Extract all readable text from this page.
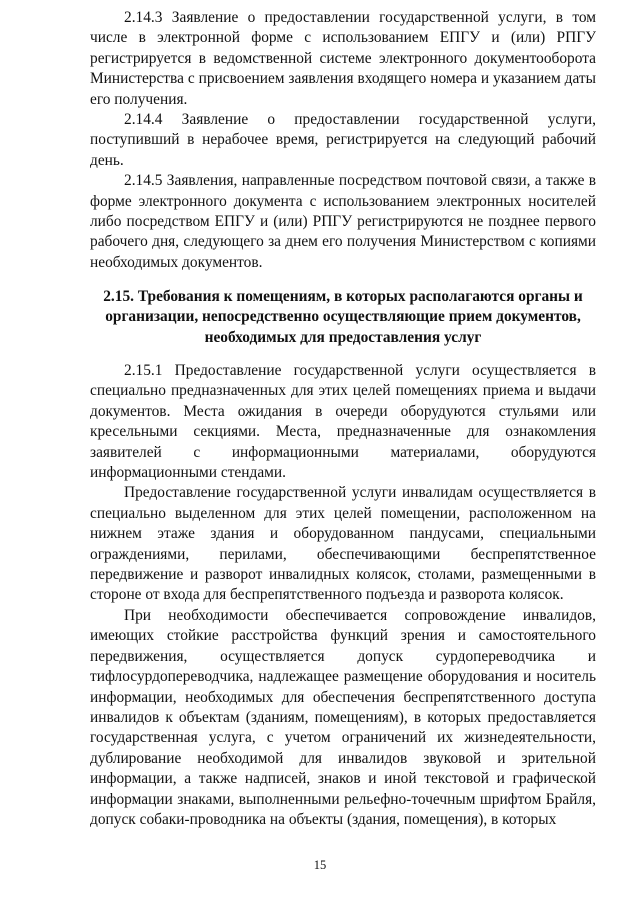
2.14.3 Заявление о предоставлении государственной услуги, в том числе в электронной форме с использованием ЕПГУ и (или) РПГУ регистрируется в ведомственной системе электронного документооборота Министерства с присвоением заявления входящего номера и указанием даты его получения.

2.14.4 Заявление о предоставлении государственной услуги, поступивший в нерабочее время, регистрируется на следующий рабочий день.

2.14.5 Заявления, направленные посредством почтовой связи, а также в форме электронного документа с использованием электронных носителей либо посредством ЕПГУ и (или) РПГУ регистрируются не позднее первого рабочего дня, следующего за днем его получения Министерством с копиями необходимых документов.

2.15. Требования к помещениям, в которых располагаются органы и организации, непосредственно осуществляющие прием документов, необходимых для предоставления услуг

2.15.1 Предоставление государственной услуги осуществляется в специально предназначенных для этих целей помещениях приема и выдачи документов. Места ожидания в очереди оборудуются стульями или кресельными секциями. Места, предназначенные для ознакомления заявителей с информационными материалами, оборудуются информационными стендами.

Предоставление государственной услуги инвалидам осуществляется в специально выделенном для этих целей помещении, расположенном на нижнем этаже здания и оборудованном пандусами, специальными ограждениями, перилами, обеспечивающими беспрепятственное передвижение и разворот инвалидных колясок, столами, размещенными в стороне от входа для беспрепятственного подъезда и разворота колясок.

При необходимости обеспечивается сопровождение инвалидов, имеющих стойкие расстройства функций зрения и самостоятельного передвижения, осуществляется допуск сурдопереводчика и тифлосурдопереводчика, надлежащее размещение оборудования и носитель информации, необходимых для обеспечения беспрепятственного доступа инвалидов к объектам (зданиям, помещениям), в которых предоставляется государственная услуга, с учетом ограничений их жизнедеятельности, дублирование необходимой для инвалидов звуковой и зрительной информации, а также надписей, знаков и иной текстовой и графической информации знаками, выполненными рельефно-точечным шрифтом Брайля, допуск собаки-проводника на объекты (здания, помещения), в которых

15
